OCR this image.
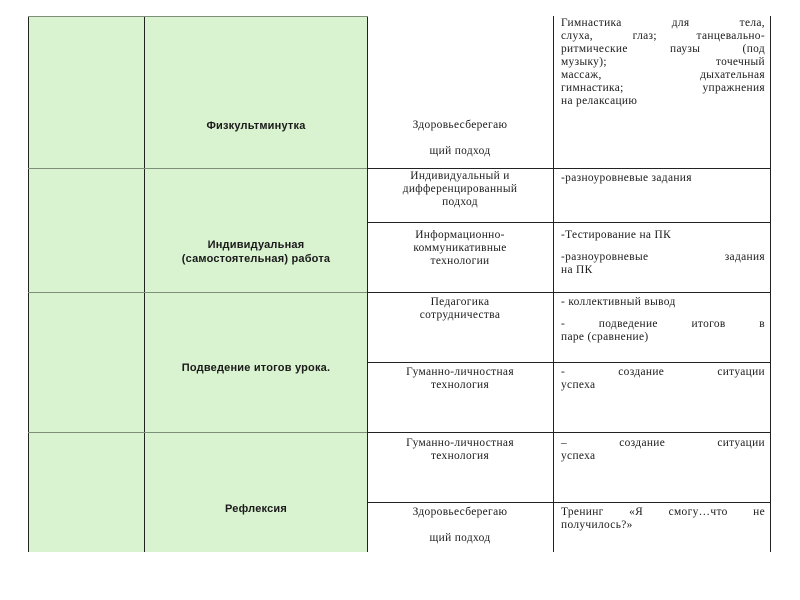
Физкультминутка	Здоровьесберегаю
щий подход
Гимнастика для тела,
слуха, глаз; танцевально-
ритмические паузы (под
музыку); точечный
массаж, дыхательная
гимнастика; упражнения
на релаксацию
Индивидуальная
(самостоятельная) работа
Индивидуальный и
дифференцированный
подход
-разноуровневые задания
Информационно-
коммуникативные
технологии
-Тестирование на ПК
-разноуровневые задания
на ПК
Подведение итогов урока.
Педагогика
сотрудничества
- коллективный вывод
- подведение итогов в
паре (сравнение)
Гуманно-личностная
технология
- создание ситуации
успеха
Рефлексия
Гуманно-личностная
технология
– создание ситуации
успеха
Здоровьесберегаю
щий подход
Тренинг «Я смогу…что не
получилось?»
